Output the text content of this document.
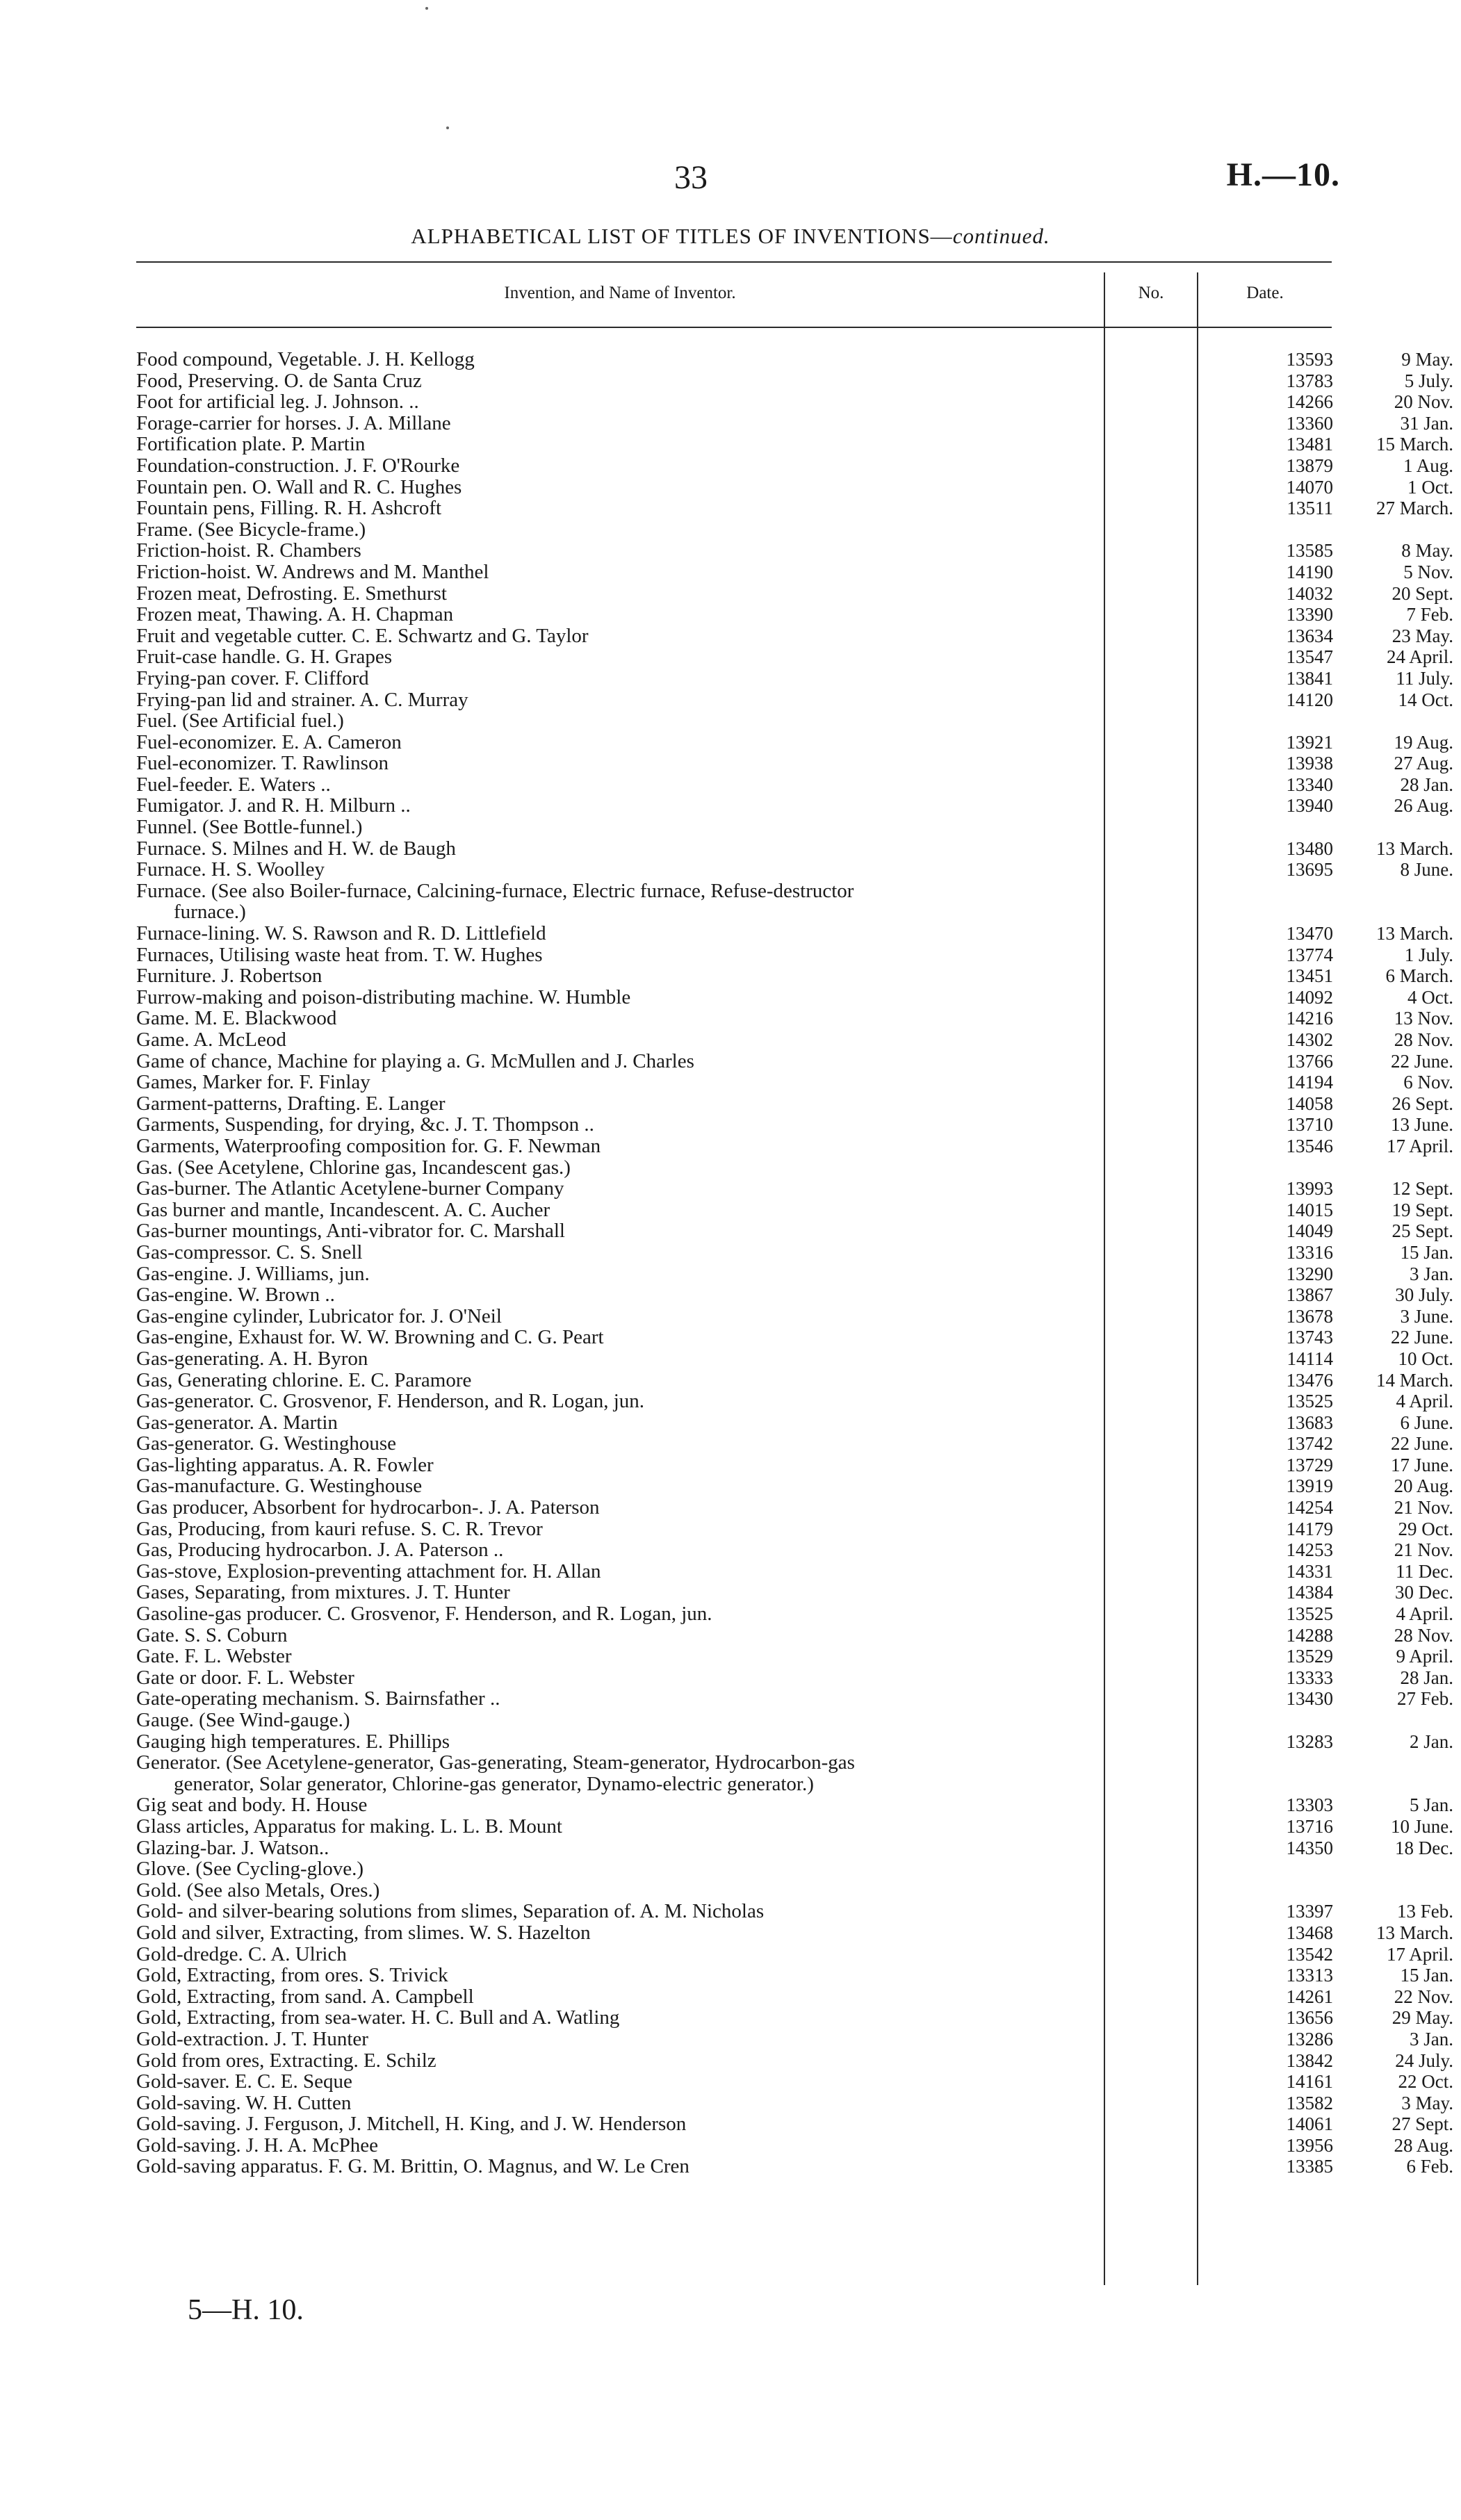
33	H.—10.
ALPHABETICAL LIST OF TITLES OF INVENTIONS—continued.
Invention, and Name of Inventor.	No.	Date.
Food compound, Vegetable. J. H. Kellogg	13593	9 May.
Food, Preserving. O. de Santa Cruz	13783	5 July.
Foot for artificial leg. J. Johnson. ..	14266	20 Nov.
Forage-carrier for horses. J. A. Millane	13360	31 Jan.
Fortification plate. P. Martin	13481	15 March.
Foundation-construction. J. F. O'Rourke	13879	1 Aug.
Fountain pen. O. Wall and R. C. Hughes	14070	1 Oct.
Fountain pens, Filling. R. H. Ashcroft	13511	27 March.
Frame. (See Bicycle-frame.)
Friction-hoist. R. Chambers	13585	8 May.
Friction-hoist. W. Andrews and M. Manthel	14190	5 Nov.
Frozen meat, Defrosting. E. Smethurst	14032	20 Sept.
Frozen meat, Thawing. A. H. Chapman	13390	7 Feb.
Fruit and vegetable cutter. C. E. Schwartz and G. Taylor	13634	23 May.
Fruit-case handle. G. H. Grapes	13547	24 April.
Frying-pan cover. F. Clifford	13841	11 July.
Frying-pan lid and strainer. A. C. Murray	14120	14 Oct.
Fuel. (See Artificial fuel.)
Fuel-economizer. E. A. Cameron	13921	19 Aug.
Fuel-economizer. T. Rawlinson	13938	27 Aug.
Fuel-feeder. E. Waters ..	13340	28 Jan.
Fumigator. J. and R. H. Milburn ..	13940	26 Aug.
Funnel. (See Bottle-funnel.)
Furnace. S. Milnes and H. W. de Baugh	13480	13 March.
Furnace. H. S. Woolley	13695	8 June.
Furnace. (See also Boiler-furnace, Calcining-furnace, Electric furnace, Refuse-destructor
furnace.)
Furnace-lining. W. S. Rawson and R. D. Littlefield	13470	13 March.
Furnaces, Utilising waste heat from. T. W. Hughes	13774	1 July.
Furniture. J. Robertson	13451	6 March.
Furrow-making and poison-distributing machine. W. Humble	14092	4 Oct.
Game. M. E. Blackwood	14216	13 Nov.
Game. A. McLeod	14302	28 Nov.
Game of chance, Machine for playing a. G. McMullen and J. Charles	13766	22 June.
Games, Marker for. F. Finlay	14194	6 Nov.
Garment-patterns, Drafting. E. Langer	14058	26 Sept.
Garments, Suspending, for drying, &c. J. T. Thompson ..	13710	13 June.
Garments, Waterproofing composition for. G. F. Newman	13546	17 April.
Gas. (See Acetylene, Chlorine gas, Incandescent gas.)
Gas-burner. The Atlantic Acetylene-burner Company	13993	12 Sept.
Gas burner and mantle, Incandescent. A. C. Aucher	14015	19 Sept.
Gas-burner mountings, Anti-vibrator for. C. Marshall	14049	25 Sept.
Gas-compressor. C. S. Snell	13316	15 Jan.
Gas-engine. J. Williams, jun.	13290	3 Jan.
Gas-engine. W. Brown ..	13867	30 July.
Gas-engine cylinder, Lubricator for. J. O'Neil	13678	3 June.
Gas-engine, Exhaust for. W. W. Browning and C. G. Peart	13743	22 June.
Gas-generating. A. H. Byron	14114	10 Oct.
Gas, Generating chlorine. E. C. Paramore	13476	14 March.
Gas-generator. C. Grosvenor, F. Henderson, and R. Logan, jun.	13525	4 April.
Gas-generator. A. Martin	13683	6 June.
Gas-generator. G. Westinghouse	13742	22 June.
Gas-lighting apparatus. A. R. Fowler	13729	17 June.
Gas-manufacture. G. Westinghouse	13919	20 Aug.
Gas producer, Absorbent for hydrocarbon-. J. A. Paterson	14254	21 Nov.
Gas, Producing, from kauri refuse. S. C. R. Trevor	14179	29 Oct.
Gas, Producing hydrocarbon. J. A. Paterson ..	14253	21 Nov.
Gas-stove, Explosion-preventing attachment for. H. Allan	14331	11 Dec.
Gases, Separating, from mixtures. J. T. Hunter	14384	30 Dec.
Gasoline-gas producer. C. Grosvenor, F. Henderson, and R. Logan, jun.	13525	4 April.
Gate. S. S. Coburn	14288	28 Nov.
Gate. F. L. Webster	13529	9 April.
Gate or door. F. L. Webster	13333	28 Jan.
Gate-operating mechanism. S. Bairnsfather ..	13430	27 Feb.
Gauge. (See Wind-gauge.)
Gauging high temperatures. E. Phillips	13283	2 Jan.
Generator. (See Acetylene-generator, Gas-generating, Steam-generator, Hydrocarbon-gas
generator, Solar generator, Chlorine-gas generator, Dynamo-electric generator.)
Gig seat and body. H. House	13303	5 Jan.
Glass articles, Apparatus for making. L. L. B. Mount	13716	10 June.
Glazing-bar. J. Watson..	14350	18 Dec.
Glove. (See Cycling-glove.)
Gold. (See also Metals, Ores.)
Gold- and silver-bearing solutions from slimes, Separation of. A. M. Nicholas	13397	13 Feb.
Gold and silver, Extracting, from slimes. W. S. Hazelton	13468	13 March.
Gold-dredge. C. A. Ulrich	13542	17 April.
Gold, Extracting, from ores. S. Trivick	13313	15 Jan.
Gold, Extracting, from sand. A. Campbell	14261	22 Nov.
Gold, Extracting, from sea-water. H. C. Bull and A. Watling	13656	29 May.
Gold-extraction. J. T. Hunter	13286	3 Jan.
Gold from ores, Extracting. E. Schilz	13842	24 July.
Gold-saver. E. C. E. Seque	14161	22 Oct.
Gold-saving. W. H. Cutten	13582	3 May.
Gold-saving. J. Ferguson, J. Mitchell, H. King, and J. W. Henderson	14061	27 Sept.
Gold-saving. J. H. A. McPhee	13956	28 Aug.
Gold-saving apparatus. F. G. M. Brittin, O. Magnus, and W. Le Cren	13385	6 Feb.
5—H. 10.
